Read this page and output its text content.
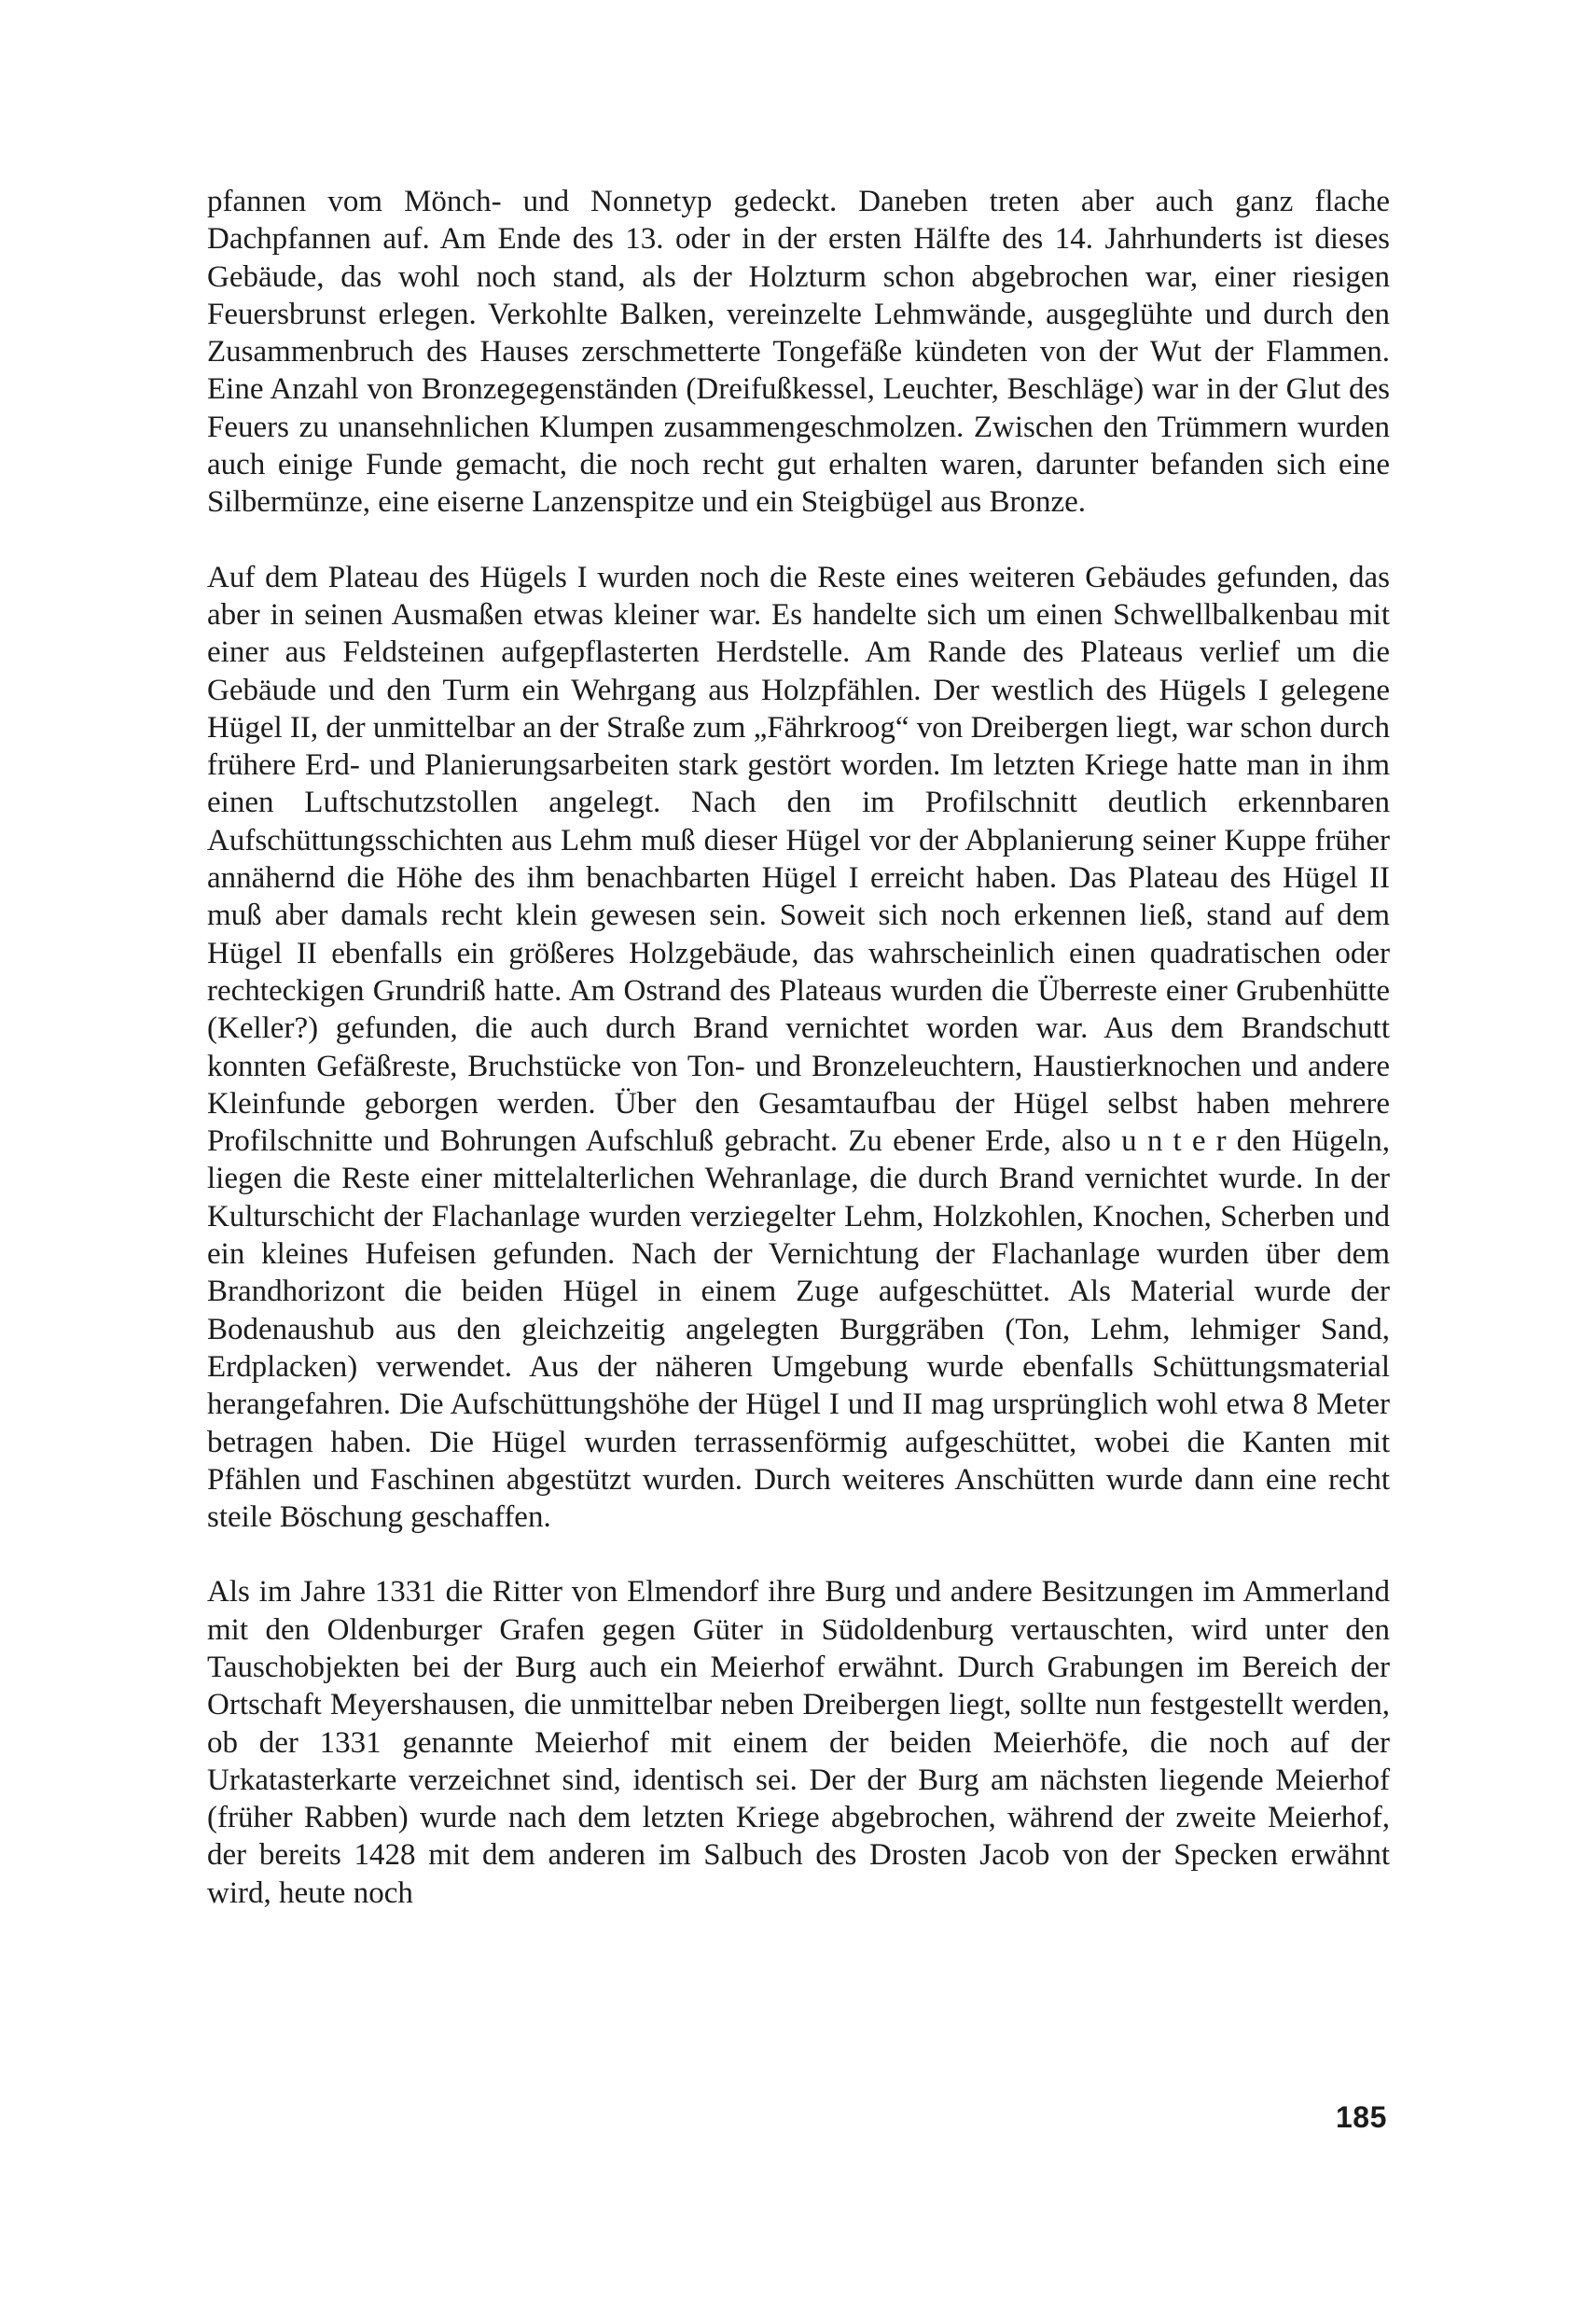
pfannen vom Mönch- und Nonnetyp gedeckt. Daneben treten aber auch ganz flache Dachpfannen auf. Am Ende des 13. oder in der ersten Hälfte des 14. Jahrhunderts ist dieses Gebäude, das wohl noch stand, als der Holzturm schon abgebrochen war, einer riesigen Feuersbrunst erlegen. Verkohlte Balken, vereinzelte Lehmwände, ausgeglühte und durch den Zusammenbruch des Hauses zerschmetterte Tongefäße kündeten von der Wut der Flammen. Eine Anzahl von Bronzegegenständen (Dreifußkessel, Leuchter, Beschläge) war in der Glut des Feuers zu unansehnlichen Klumpen zusammengeschmolzen. Zwischen den Trümmern wurden auch einige Funde gemacht, die noch recht gut erhalten waren, darunter befanden sich eine Silbermünze, eine eiserne Lanzenspitze und ein Steigbügel aus Bronze.

Auf dem Plateau des Hügels I wurden noch die Reste eines weiteren Gebäudes gefunden, das aber in seinen Ausmaßen etwas kleiner war. Es handelte sich um einen Schwellbalkenbau mit einer aus Feldsteinen aufgepflasterten Herdstelle. Am Rande des Plateaus verlief um die Gebäude und den Turm ein Wehrgang aus Holzpfählen. Der westlich des Hügels I gelegene Hügel II, der unmittelbar an der Straße zum „Fährkroog“ von Dreibergen liegt, war schon durch frühere Erd- und Planierungsarbeiten stark gestört worden. Im letzten Kriege hatte man in ihm einen Luftschutzstollen angelegt. Nach den im Profilschnitt deutlich erkennbaren Aufschüttungsschichten aus Lehm muß dieser Hügel vor der Abplanierung seiner Kuppe früher annähernd die Höhe des ihm benachbarten Hügel I erreicht haben. Das Plateau des Hügel II muß aber damals recht klein gewesen sein. Soweit sich noch erkennen ließ, stand auf dem Hügel II ebenfalls ein größeres Holzgebäude, das wahrscheinlich einen quadratischen oder rechteckigen Grundriß hatte. Am Ostrand des Plateaus wurden die Überreste einer Grubenhütte (Keller?) gefunden, die auch durch Brand vernichtet worden war. Aus dem Brandschutt konnten Gefäßreste, Bruchstücke von Ton- und Bronzeleuchtern, Haustierknochen und andere Kleinfunde geborgen werden. Über den Gesamtaufbau der Hügel selbst haben mehrere Profilschnitte und Bohrungen Aufschluß gebracht. Zu ebener Erde, also u n t e r den Hügeln, liegen die Reste einer mittelalterlichen Wehranlage, die durch Brand vernichtet wurde. In der Kulturschicht der Flachanlage wurden verziegelter Lehm, Holzkohlen, Knochen, Scherben und ein kleines Hufeisen gefunden. Nach der Vernichtung der Flachanlage wurden über dem Brandhorizont die beiden Hügel in einem Zuge aufgeschüttet. Als Material wurde der Bodenaushub aus den gleichzeitig angelegten Burggräben (Ton, Lehm, lehmiger Sand, Erdplacken) verwendet. Aus der näheren Umgebung wurde ebenfalls Schüttungsmaterial herangefahren. Die Aufschüttungshöhe der Hügel I und II mag ursprünglich wohl etwa 8 Meter betragen haben. Die Hügel wurden terrassenförmig aufgeschüttet, wobei die Kanten mit Pfählen und Faschinen abgestützt wurden. Durch weiteres Anschütten wurde dann eine recht steile Böschung geschaffen.

Als im Jahre 1331 die Ritter von Elmendorf ihre Burg und andere Besitzungen im Ammerland mit den Oldenburger Grafen gegen Güter in Südoldenburg vertauschten, wird unter den Tauschobjekten bei der Burg auch ein Meierhof erwähnt. Durch Grabungen im Bereich der Ortschaft Meyershausen, die unmittelbar neben Dreibergen liegt, sollte nun festgestellt werden, ob der 1331 genannte Meierhof mit einem der beiden Meierhöfe, die noch auf der Urkatasterkarte verzeichnet sind, identisch sei. Der der Burg am nächsten liegende Meierhof (früher Rabben) wurde nach dem letzten Kriege abgebrochen, während der zweite Meierhof, der bereits 1428 mit dem anderen im Salbuch des Drosten Jacob von der Specken erwähnt wird, heute noch

185
